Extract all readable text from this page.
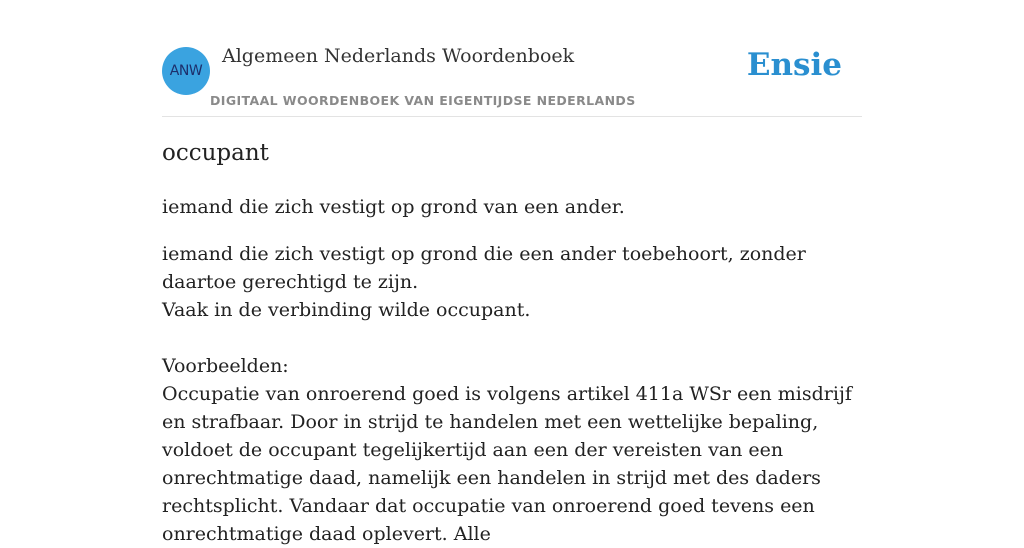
ANW
Algemeen Nederlands Woordenboek
DIGITAAL WOORDENBOEK VAN EIGENTIJDSE NEDERLANDS
Ensie
occupant
iemand die zich vestigt op grond van een ander.

iemand die zich vestigt op grond die een ander toebehoort, zonder daartoe gerechtigd te zijn.

Vaak in de verbinding wilde occupant.

Voorbeelden:

Occupatie van onroerend goed is volgens artikel 411a WSr een misdrijf en strafbaar. Door in strijd te handelen met een wettelijke bepaling, voldoet de occupant tegelijkertijd aan een der vereisten van een onrechtmatige daad, namelijk een handelen in strijd met des daders rechtsplicht. Vandaar dat occupatie van onroerend goed tevens een onrechtmatige daad oplevert. Alle
